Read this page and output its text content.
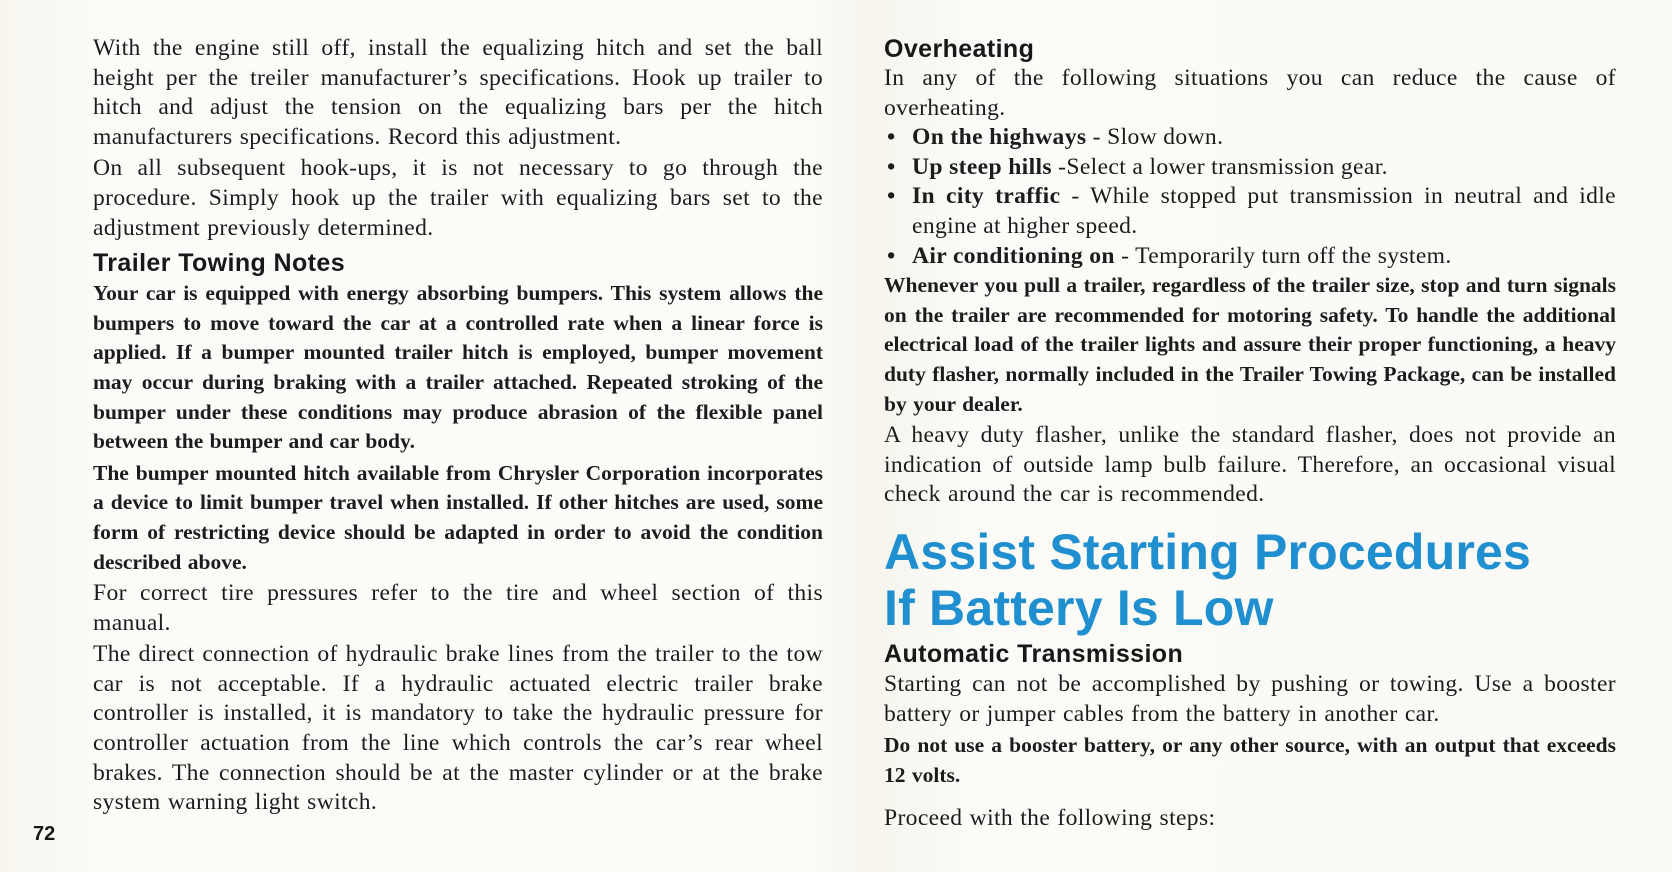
72

With the engine still off, install the equalizing hitch and set the ball height per the treiler manufacturer’s specifications. Hook up trailer to hitch and adjust the tension on the equalizing bars per the hitch manufacturers specifications. Record this adjustment.

On all subsequent hook-ups, it is not necessary to go through the procedure. Simply hook up the trailer with equalizing bars set to the adjustment previously determined.

Trailer Towing Notes

Your car is equipped with energy absorbing bumpers. This system allows the bumpers to move toward the car at a controlled rate when a linear force is applied. If a bumper mounted trailer hitch is employed, bumper movement may occur during braking with a trailer attached. Repeated stroking of the bumper under these conditions may produce abrasion of the flexible panel between the bumper and car body.

The bumper mounted hitch available from Chrysler Corporation incorporates a device to limit bumper travel when installed. If other hitches are used, some form of restricting device should be adapted in order to avoid the condition described above.

For correct tire pressures refer to the tire and wheel section of this manual.

The direct connection of hydraulic brake lines from the trailer to the tow car is not acceptable. If a hydraulic actuated electric trailer brake controller is installed, it is mandatory to take the hydraulic pressure for controller actuation from the line which controls the car’s rear wheel brakes. The connection should be at the master cylinder or at the brake system warning light switch.

Overheating

In any of the following situations you can reduce the cause of overheating.

• On the highways - Slow down.
• Up steep hills -Select a lower transmission gear.
• In city traffic - While stopped put transmission in neutral and idle engine at higher speed.
• Air conditioning on - Temporarily turn off the system.

Whenever you pull a trailer, regardless of the trailer size, stop and turn signals on the trailer are recommended for motoring safety. To handle the additional electrical load of the trailer lights and assure their proper functioning, a heavy duty flasher, normally included in the Trailer Towing Package, can be installed by your dealer.

A heavy duty flasher, unlike the standard flasher, does not provide an indication of outside lamp bulb failure. Therefore, an occasional visual check around the car is recommended.

Assist Starting Procedures
If Battery Is Low
Automatic Transmission

Starting can not be accomplished by pushing or towing. Use a booster battery or jumper cables from the battery in another car.

Do not use a booster battery, or any other source, with an output that exceeds 12 volts.

Proceed with the following steps:
